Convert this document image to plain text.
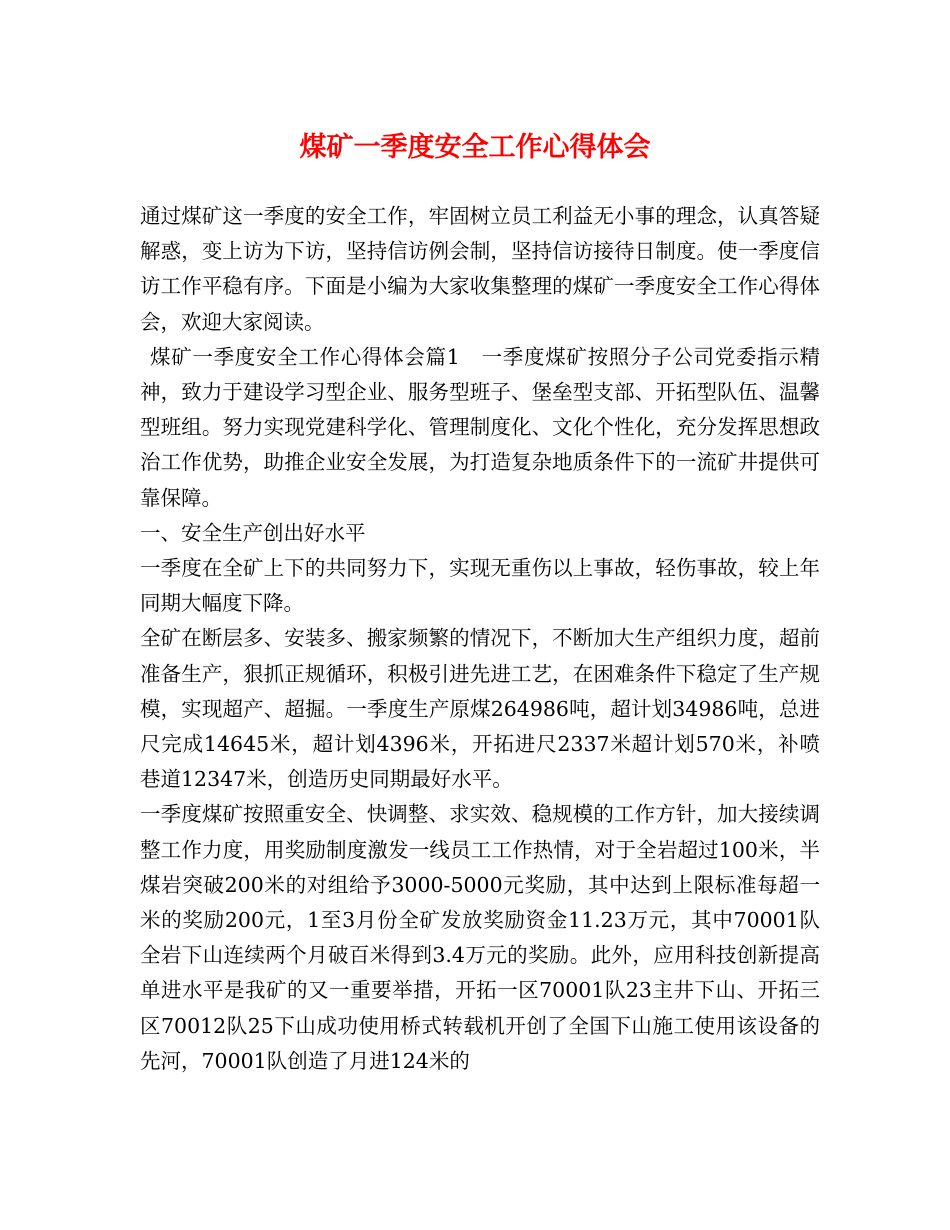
煤矿一季度安全工作心得体会

通过煤矿这一季度的安全工作，牢固树立员工利益无小事的理念，认真答疑解惑，变上访为下访，坚持信访例会制，坚持信访接待日制度。使一季度信访工作平稳有序。下面是小编为大家收集整理的煤矿一季度安全工作心得体会，欢迎大家阅读。

煤矿一季度安全工作心得体会篇1　一季度煤矿按照分子公司党委指示精神，致力于建设学习型企业、服务型班子、堡垒型支部、开拓型队伍、温馨型班组。努力实现党建科学化、管理制度化、文化个性化，充分发挥思想政治工作优势，助推企业安全发展，为打造复杂地质条件下的一流矿井提供可靠保障。

一、安全生产创出好水平

一季度在全矿上下的共同努力下，实现无重伤以上事故，轻伤事故，较上年同期大幅度下降。

全矿在断层多、安装多、搬家频繁的情况下，不断加大生产组织力度，超前准备生产，狠抓正规循环，积极引进先进工艺，在困难条件下稳定了生产规模，实现超产、超掘。一季度生产原煤264986吨，超计划34986吨，总进尺完成14645米，超计划4396米，开拓进尺2337米超计划570米，补喷巷道12347米，创造历史同期最好水平。

一季度煤矿按照重安全、快调整、求实效、稳规模的工作方针，加大接续调整工作力度，用奖励制度激发一线员工工作热情，对于全岩超过100米，半煤岩突破200米的对组给予3000-5000元奖励，其中达到上限标准每超一米的奖励200元，1至3月份全矿发放奖励资金11.23万元，其中70001队全岩下山连续两个月破百米得到3.4万元的奖励。此外，应用科技创新提高单进水平是我矿的又一重要举措，开拓一区70001队23主井下山、开拓三区70012队25下山成功使用桥式转载机开创了全国下山施工使用该设备的先河，70001队创造了月进124米的
